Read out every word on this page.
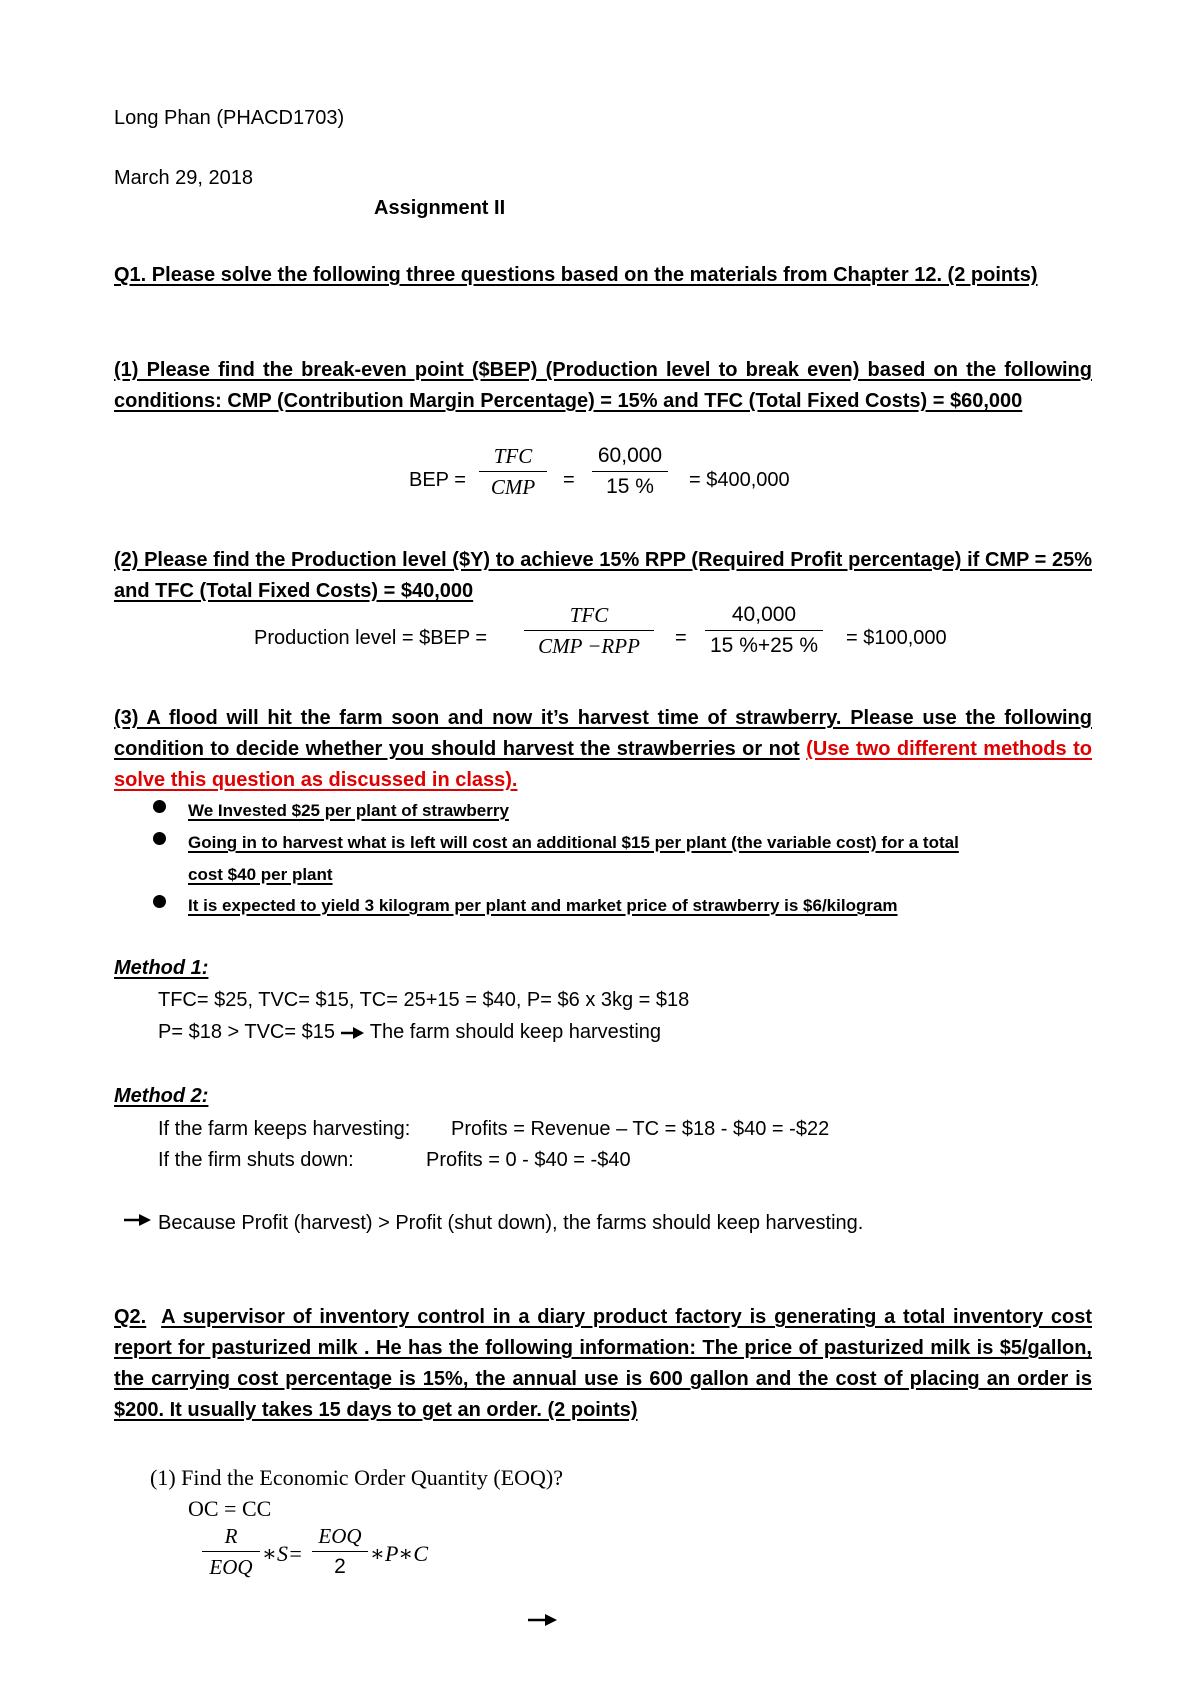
Long Phan (PHACD1703)
March 29, 2018
Assignment II
Q1. Please solve the following three questions based on the materials from Chapter 12. (2 points)
(1) Please find the break-even point ($BEP) (Production level to break even) based on the following conditions: CMP (Contribution Margin Percentage) = 15% and TFC (Total Fixed Costs) = $60,000
BEP =
TFC
CMP	=
60,000
15 %	= $400,000
(2) Please find the Production level ($Y) to achieve 15% RPP (Required Profit percentage) if CMP = 25% and TFC (Total Fixed Costs) = $40,000
Production level = $BEP =
TFC
CMP −RPP	=
40,000
15 %+25 % = $100,000
(3) A flood will hit the farm soon and now it’s harvest time of strawberry. Please use the following condition to decide whether you should harvest the strawberries or not (Use two different methods to solve this question as discussed in class).
We Invested $25 per plant of strawberry
Going in to harvest what is left will cost an additional $15 per plant (the variable cost) for a total
cost $40 per plant
It is expected to yield 3 kilogram per plant and market price of strawberry is $6/kilogram
Method 1:
TFC= $25, TVC= $15, TC= 25+15 = $40, P= $6 x 3kg = $18
P= $18 > TVC= $15  The farm should keep harvesting
Method 2:
If the farm keeps harvesting: Profits = Revenue – TC = $18 - $40 = -$22
If the firm shuts down:	Profits = 0 - $40 = -$40
Because Profit (harvest) > Profit (shut down), the farms should keep harvesting.
Q2. A supervisor of inventory control in a diary product factory is generating a total inventory cost report for pasturized milk . He has the following information: The price of pasturized milk is $5/gallon, the carrying cost percentage is 15%, the annual use is 600 gallon and the cost of placing an order is $200. It usually takes 15 days to get an order. (2 points)
(1) Find the Economic Order Quantity (EOQ)?
OC = CC
R
EOQ
∗S=
EOQ
2
∗P∗C
